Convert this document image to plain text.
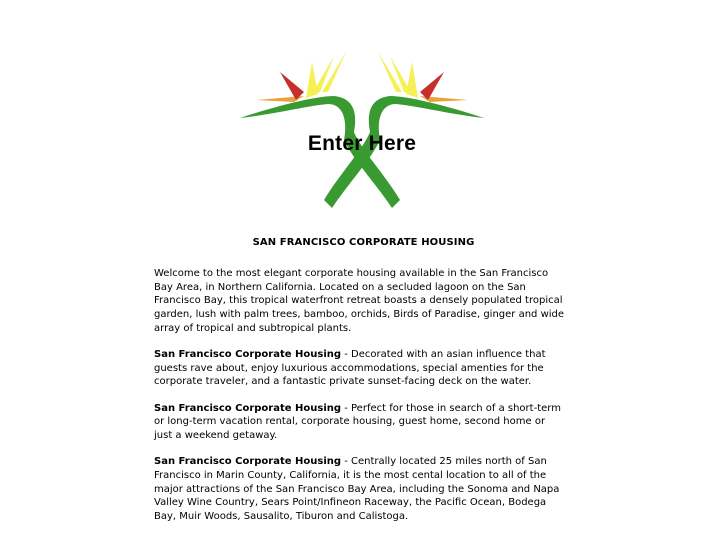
Enter Here
SAN FRANCISCO CORPORATE HOUSING

Welcome to the most elegant corporate housing available in the San Francisco Bay Area, in Northern California. Located on a secluded lagoon on the San Francisco Bay, this tropical waterfront retreat boasts a densely populated tropical garden, lush with palm trees, bamboo, orchids, Birds of Paradise, ginger and wide array of tropical and subtropical plants.

San Francisco Corporate Housing - Decorated with an asian influence that guests rave about, enjoy luxurious accommodations, special amenties for the corporate traveler, and a fantastic private sunset-facing deck on the water.

San Francisco Corporate Housing - Perfect for those in search of a short-term or long-term vacation rental, corporate housing, guest home, second home or just a weekend getaway.

San Francisco Corporate Housing - Centrally located 25 miles north of San Francisco in Marin County, California, it is the most cental location to all of the major attractions of the San Francisco Bay Area, including the Sonoma and Napa Valley Wine Country, Sears Point/Infineon Raceway, the Pacific Ocean, Bodega Bay, Muir Woods, Sausalito, Tiburon and Calistoga.
